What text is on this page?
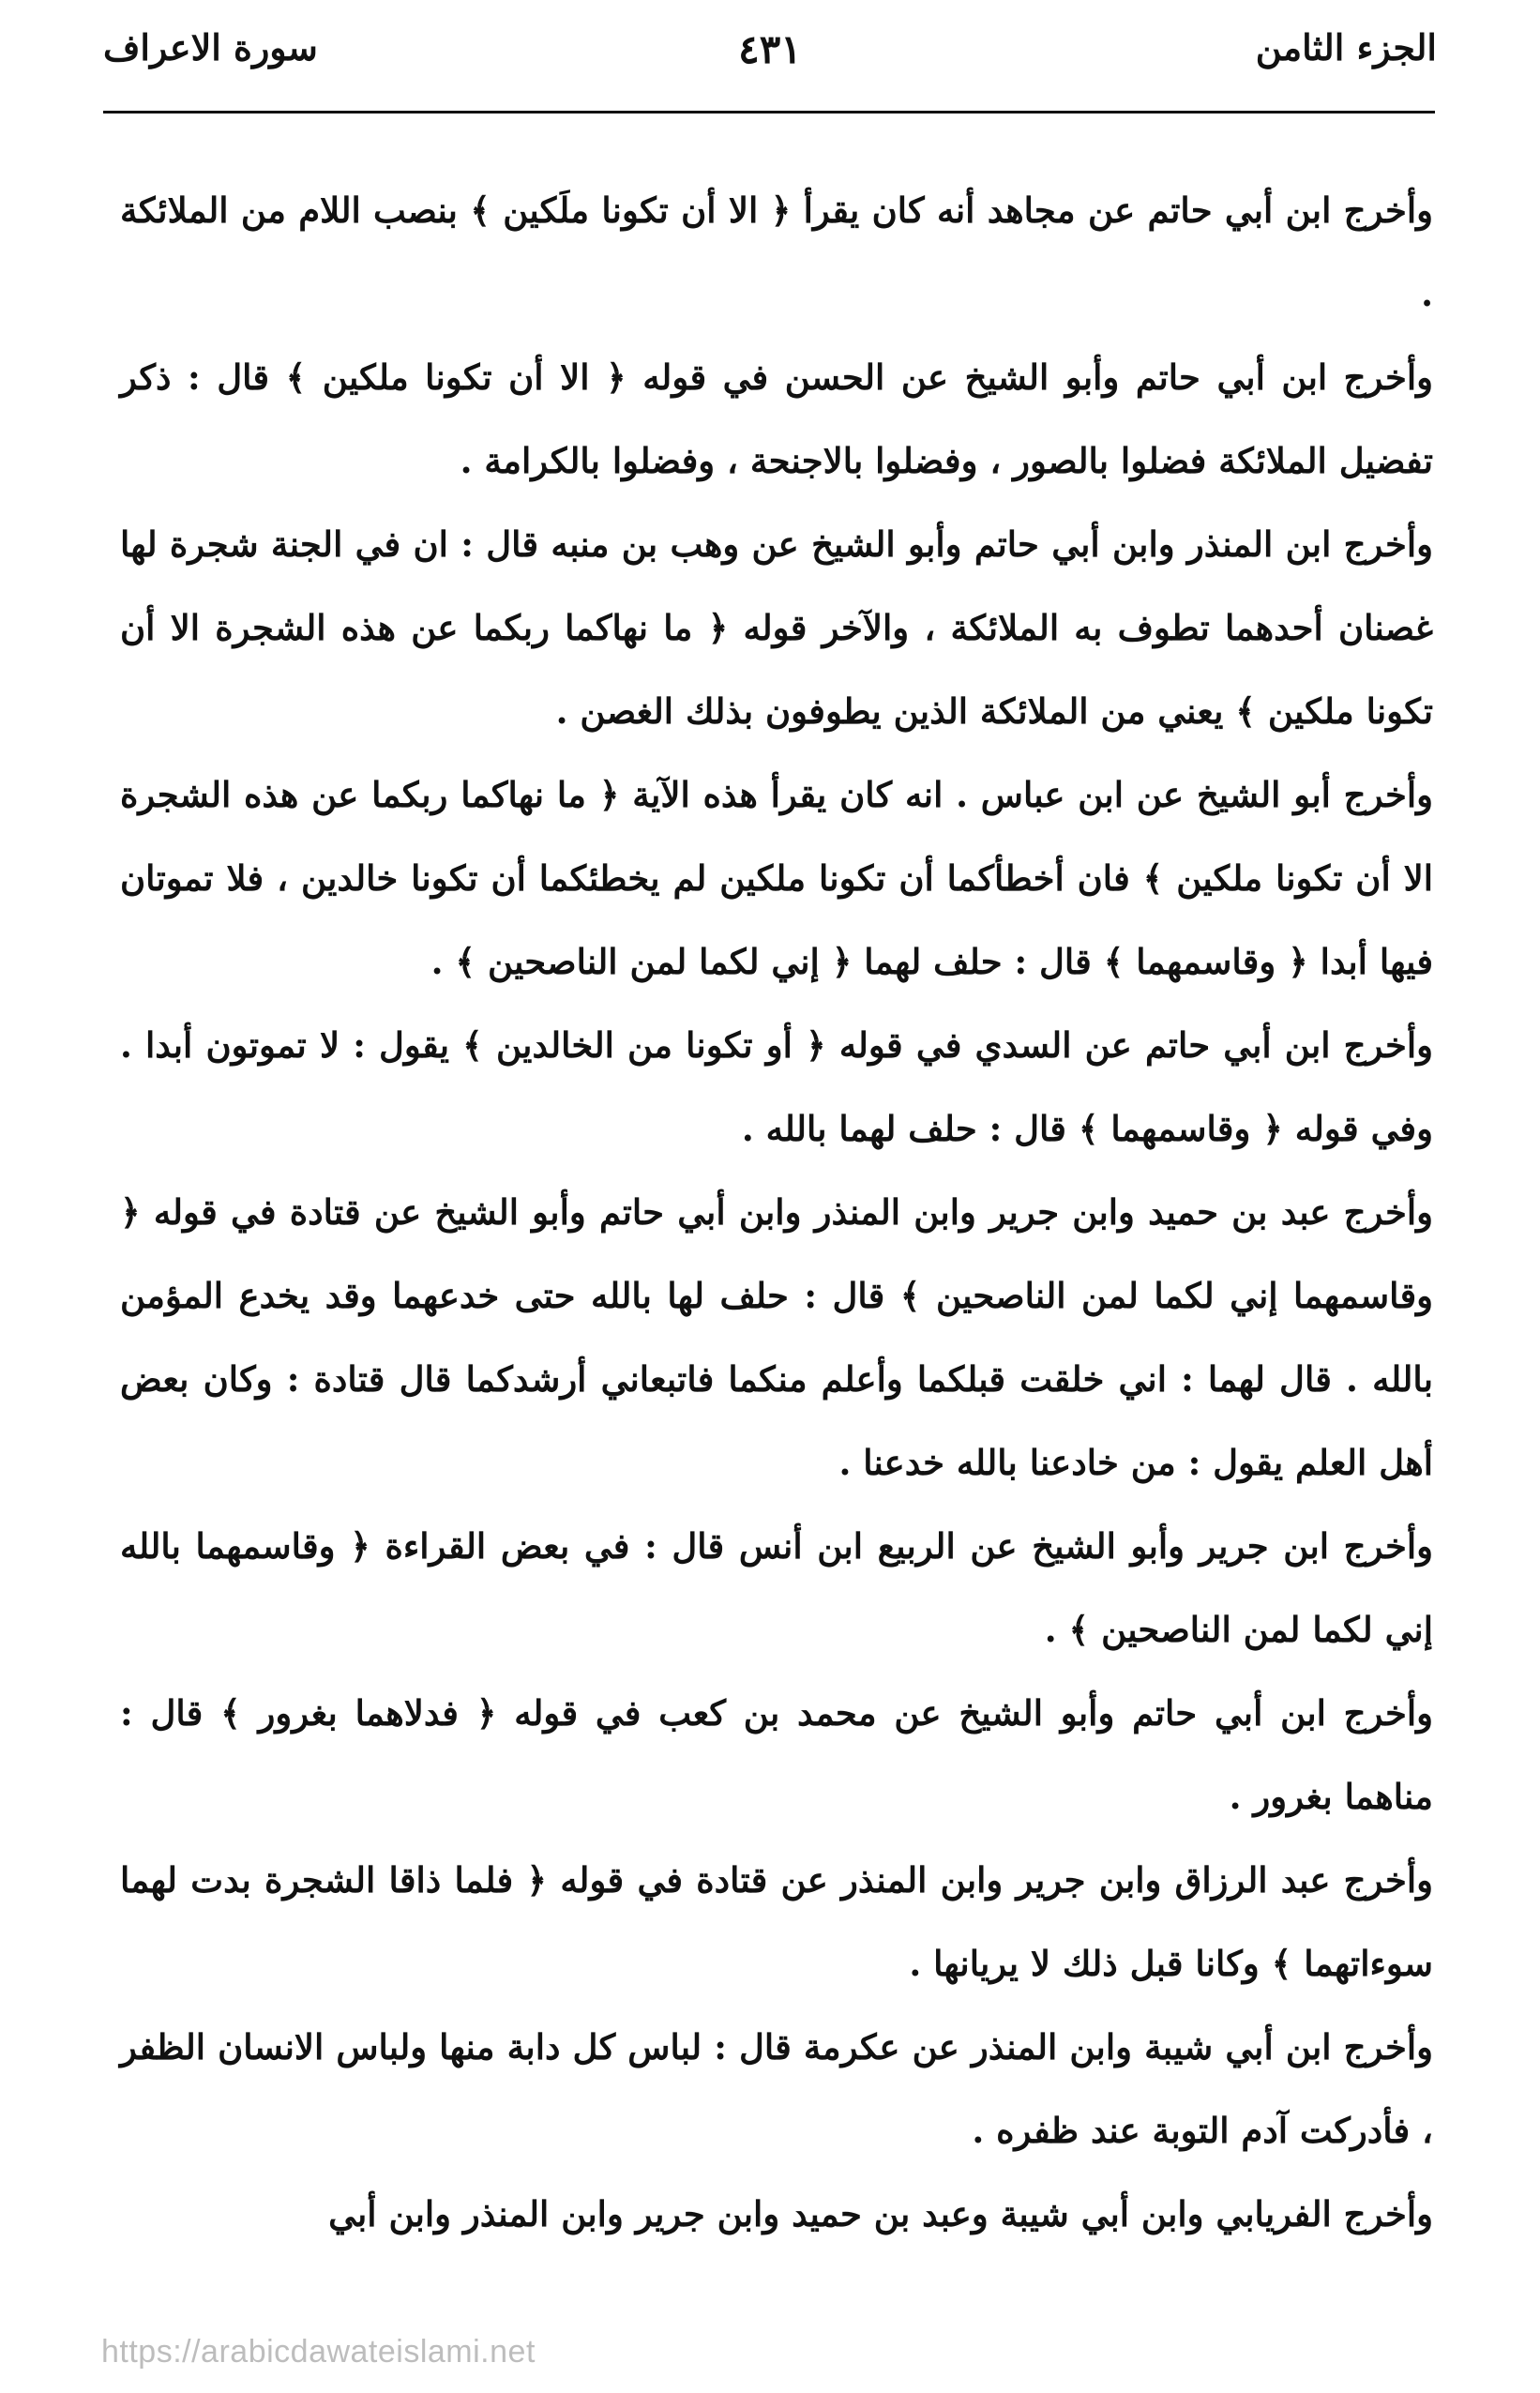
الجزء الثامن
٤٣١
سورة الاعراف

وأخرج ابن أبي حاتم عن مجاهد أنه كان يقرأ ﴿ الا أن تكونا ملَكين ﴾ بنصب اللام من الملائكة .

وأخرج ابن أبي حاتم وأبو الشيخ عن الحسن في قوله ﴿ الا أن تكونا ملكين ﴾ قال : ذكر تفضيل الملائكة فضلوا بالصور ، وفضلوا بالاجنحة ، وفضلوا بالكرامة .

وأخرج ابن المنذر وابن أبي حاتم وأبو الشيخ عن وهب بن منبه قال : ان في الجنة شجرة لها غصنان أحدهما تطوف به الملائكة ، والآخر قوله ﴿ ما نهاكما ربكما عن هذه الشجرة الا أن تكونا ملكين ﴾ يعني من الملائكة الذين يطوفون بذلك الغصن .

وأخرج أبو الشيخ عن ابن عباس . انه كان يقرأ هذه الآية ﴿ ما نهاكما ربكما عن هذه الشجرة الا أن تكونا ملكين ﴾ فان أخطأكما أن تكونا ملكين لم يخطئكما أن تكونا خالدين ، فلا تموتان فيها أبدا ﴿ وقاسمهما ﴾ قال : حلف لهما ﴿ إني لكما لمن الناصحين ﴾ .

وأخرج ابن أبي حاتم عن السدي في قوله ﴿ أو تكونا من الخالدين ﴾ يقول : لا تموتون أبدا . وفي قوله ﴿ وقاسمهما ﴾ قال : حلف لهما بالله .

وأخرج عبد بن حميد وابن جرير وابن المنذر وابن أبي حاتم وأبو الشيخ عن قتادة في قوله ﴿ وقاسمهما إني لكما لمن الناصحين ﴾ قال : حلف لها بالله حتى خدعهما وقد يخدع المؤمن بالله . قال لهما : اني خلقت قبلكما وأعلم منكما فاتبعاني أرشدكما قال قتادة : وكان بعض أهل العلم يقول : من خادعنا بالله خدعنا .

وأخرج ابن جرير وأبو الشيخ عن الربيع ابن أنس قال : في بعض القراءة ﴿ وقاسمهما بالله إني لكما لمن الناصحين ﴾ .

وأخرج ابن أبي حاتم وأبو الشيخ عن محمد بن كعب في قوله ﴿ فدلاهما بغرور ﴾ قال : مناهما بغرور .

وأخرج عبد الرزاق وابن جرير وابن المنذر عن قتادة في قوله ﴿ فلما ذاقا الشجرة بدت لهما سوءاتهما ﴾ وكانا قبل ذلك لا يريانها .

وأخرج ابن أبي شيبة وابن المنذر عن عكرمة قال : لباس كل دابة منها ولباس الانسان الظفر ، فأدركت آدم التوبة عند ظفره .

وأخرج الفريابي وابن أبي شيبة وعبد بن حميد وابن جرير وابن المنذر وابن أبي

https://arabicdawateislami.net
